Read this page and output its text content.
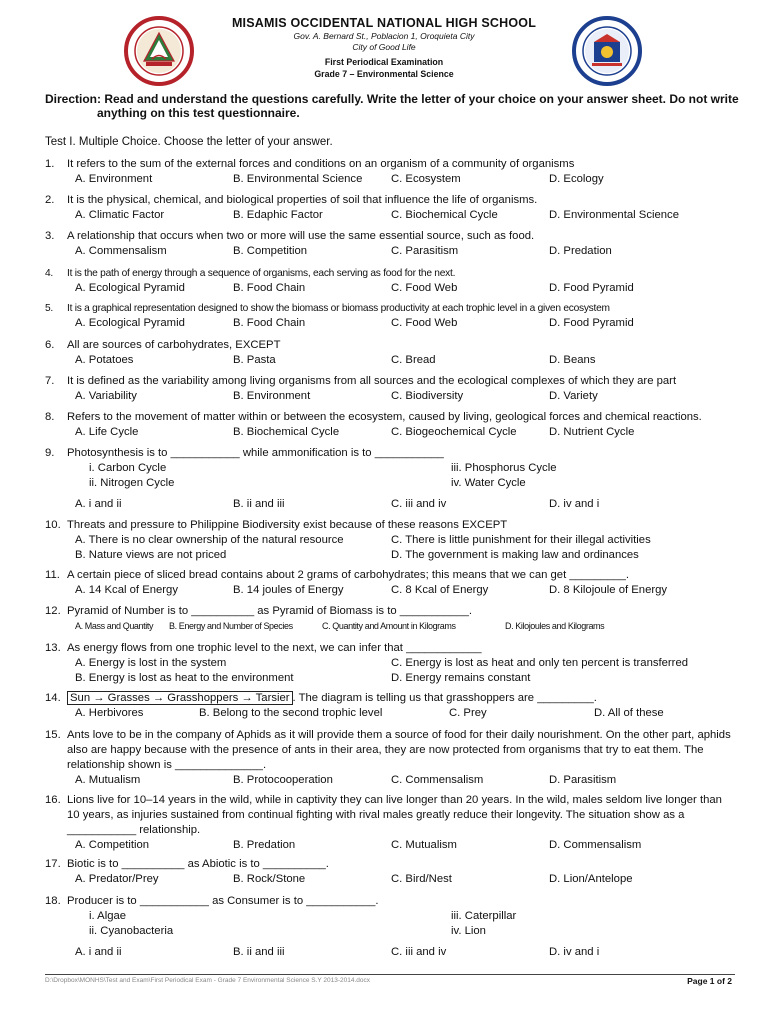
MISAMIS OCCIDENTAL NATIONAL HIGH SCHOOL
Gov. A. Bernard St., Poblacion 1, Oroquieta City
City of Good Life
First Periodical Examination
Grade 7 – Environmental Science
Direction: Read and understand the questions carefully. Write the letter of your choice on your answer sheet. Do not write anything on this test questionnaire.
Test I. Multiple Choice. Choose the letter of your answer.
1. It refers to the sum of the external forces and conditions on an organism of a community of organisms
A. Environment	B. Environmental Science	C. Ecosystem	D. Ecology
2. It is the physical, chemical, and biological properties of soil that influence the life of organisms.
A. Climatic Factor	B. Edaphic Factor	C. Biochemical Cycle	D. Environmental Science
3. A relationship that occurs when two or more will use the same essential source, such as food.
A. Commensalism	B. Competition	C. Parasitism	D. Predation
4. It is the path of energy through a sequence of organisms, each serving as food for the next.
A. Ecological Pyramid	B. Food Chain	C. Food Web	D. Food Pyramid
5. It is a graphical representation designed to show the biomass or biomass productivity at each trophic level in a given ecosystem
A. Ecological Pyramid	B. Food Chain	C. Food Web	D. Food Pyramid
6. All are sources of carbohydrates, EXCEPT
A. Potatoes	B. Pasta	C. Bread	D. Beans
7. It is defined as the variability among living organisms from all sources and the ecological complexes of which they are part
A. Variability	B. Environment	C. Biodiversity	D. Variety
8. Refers to the movement of matter within or between the ecosystem, caused by living, geological forces and chemical reactions.
A. Life Cycle	B. Biochemical Cycle	C. Biogeochemical Cycle	D. Nutrient Cycle
9. Photosynthesis is to ___________ while ammonification is to ___________
i. Carbon Cycle	iii. Phosphorus Cycle
ii. Nitrogen Cycle	iv. Water Cycle
A. i and ii	B. ii and iii	C. iii and iv	D. iv and i
10. Threats and pressure to Philippine Biodiversity exist because of these reasons EXCEPT
A. There is no clear ownership of the natural resource	C. There is little punishment for their illegal activities
B. Nature views are not priced	D. The government is making law and ordinances
11. A certain piece of sliced bread contains about 2 grams of carbohydrates; this means that we can get _________.
A. 14 Kcal of Energy	B. 14 joules of Energy	C. 8 Kcal of Energy	D. 8 Kilojoule of Energy
12. Pyramid of Number is to __________ as Pyramid of Biomass is to ___________.
A. Mass and Quantity B. Energy and Number of Species	C. Quantity and Amount in Kilograms	D. Kilojoules and Kilograms
13. As energy flows from one trophic level to the next, we can infer that ____________
A. Energy is lost in the system	C. Energy is lost as heat and only ten percent is transferred
B. Energy is lost as heat to the environment	D. Energy remains constant
14. Sun → Grasses → Grasshoppers → Tarsier . The diagram is telling us that grasshoppers are _________.
A. Herbivores	B. Belong to the second trophic level	C. Prey	D. All of these
15. Ants love to be in the company of Aphids as it will provide them a source of food for their daily nourishment. On the other part, aphids also are happy because with the presence of ants in their area, they are now protected from organisms that try to eat them. The relationship shown is ______________.
A. Mutualism	B. Protocooperation	C. Commensalism	D. Parasitism
16. Lions live for 10–14 years in the wild, while in captivity they can live longer than 20 years. In the wild, males seldom live longer than 10 years, as injuries sustained from continual fighting with rival males greatly reduce their longevity. The situation show as a ___________ relationship.
A. Competition	B. Predation	C. Mutualism	D. Commensalism
17. Biotic is to __________ as Abiotic is to __________.
A. Predator/Prey	B. Rock/Stone	C. Bird/Nest	D. Lion/Antelope
18. Producer is to ___________ as Consumer is to ___________.
i. Algae	iii. Caterpillar
ii. Cyanobacteria	iv. Lion
A. i and ii	B. ii and iii	C. iii and iv	D. iv and i
D:\Dropbox\MONHS\Test and Exam\First Periodical Exam - Grade 7 Environmental Science S.Y 2013-2014.docx	Page 1 of 2
